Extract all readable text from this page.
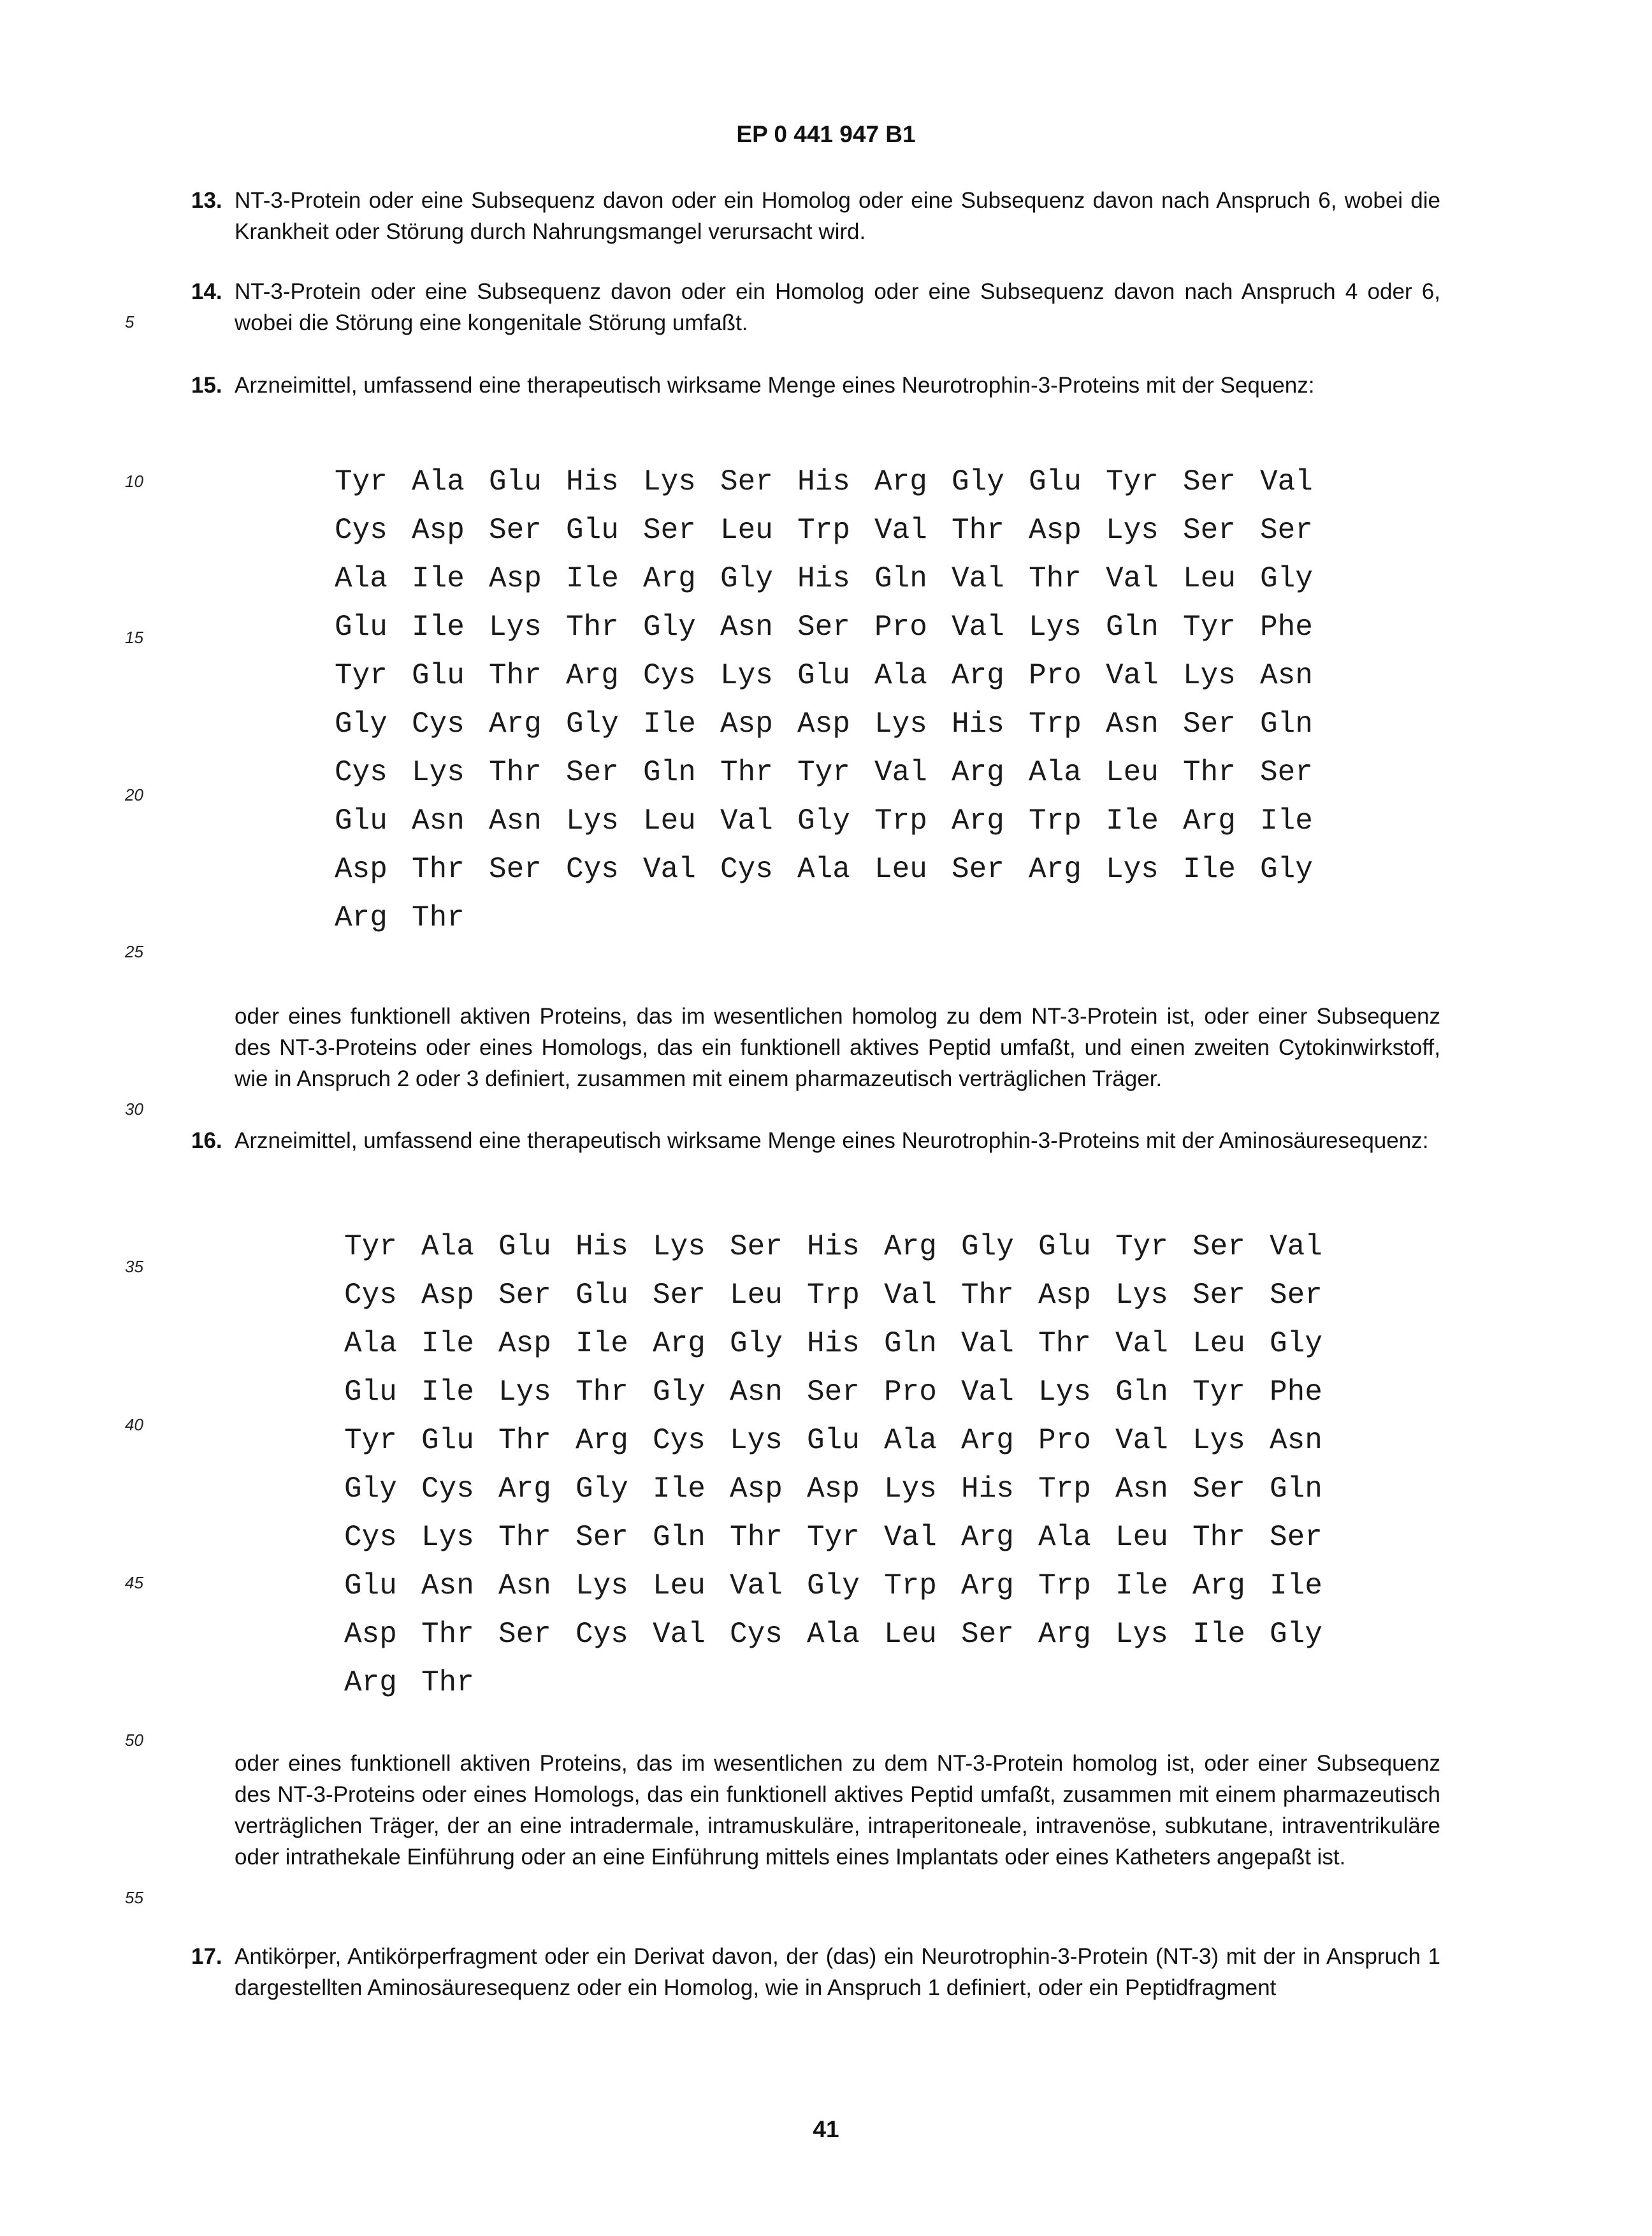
EP 0 441 947 B1
5
10
15
20
25
30
35
40
45
50
55
13. NT-3-Protein oder eine Subsequenz davon oder ein Homolog oder eine Subsequenz davon nach Anspruch 6, wobei die Krankheit oder Störung durch Nahrungsmangel verursacht wird.
14. NT-3-Protein oder eine Subsequenz davon oder ein Homolog oder eine Subsequenz davon nach Anspruch 4 oder 6, wobei die Störung eine kongenitale Störung umfaßt.
15. Arzneimittel, umfassend eine therapeutisch wirksame Menge eines Neurotrophin-3-Proteins mit der Sequenz:
Tyr Ala Glu His Lys Ser His Arg Gly Glu Tyr Ser Val
Cys Asp Ser Glu Ser Leu Trp Val Thr Asp Lys Ser Ser
Ala Ile Asp Ile Arg Gly His Gln Val Thr Val Leu Gly
Glu Ile Lys Thr Gly Asn Ser Pro Val Lys Gln Tyr Phe
Tyr Glu Thr Arg Cys Lys Glu Ala Arg Pro Val Lys Asn
Gly Cys Arg Gly Ile Asp Asp Lys His Trp Asn Ser Gln
Cys Lys Thr Ser Gln Thr Tyr Val Arg Ala Leu Thr Ser
Glu Asn Asn Lys Leu Val Gly Trp Arg Trp Ile Arg Ile
Asp Thr Ser Cys Val Cys Ala Leu Ser Arg Lys Ile Gly
Arg Thr
oder eines funktionell aktiven Proteins, das im wesentlichen homolog zu dem NT-3-Protein ist, oder einer Subsequenz des NT-3-Proteins oder eines Homologs, das ein funktionell aktives Peptid umfaßt, und einen zweiten Cytokinwirkstoff, wie in Anspruch 2 oder 3 definiert, zusammen mit einem pharmazeutisch verträglichen Träger.
16. Arzneimittel, umfassend eine therapeutisch wirksame Menge eines Neurotrophin-3-Proteins mit der Aminosäuresequenz:
Tyr Ala Glu His Lys Ser His Arg Gly Glu Tyr Ser Val
Cys Asp Ser Glu Ser Leu Trp Val Thr Asp Lys Ser Ser
Ala Ile Asp Ile Arg Gly His Gln Val Thr Val Leu Gly
Glu Ile Lys Thr Gly Asn Ser Pro Val Lys Gln Tyr Phe
Tyr Glu Thr Arg Cys Lys Glu Ala Arg Pro Val Lys Asn
Gly Cys Arg Gly Ile Asp Asp Lys His Trp Asn Ser Gln
Cys Lys Thr Ser Gln Thr Tyr Val Arg Ala Leu Thr Ser
Glu Asn Asn Lys Leu Val Gly Trp Arg Trp Ile Arg Ile
Asp Thr Ser Cys Val Cys Ala Leu Ser Arg Lys Ile Gly
Arg Thr
oder eines funktionell aktiven Proteins, das im wesentlichen zu dem NT-3-Protein homolog ist, oder einer Subsequenz des NT-3-Proteins oder eines Homologs, das ein funktionell aktives Peptid umfaßt, zusammen mit einem pharmazeutisch verträglichen Träger, der an eine intradermale, intramuskuläre, intraperitoneale, intravenöse, subkutane, intraventrikuläre oder intrathekale Einführung oder an eine Einführung mittels eines Implantats oder eines Katheters angepaßt ist.
17. Antikörper, Antikörperfragment oder ein Derivat davon, der (das) ein Neurotrophin-3-Protein (NT-3) mit der in Anspruch 1 dargestellten Aminosäuresequenz oder ein Homolog, wie in Anspruch 1 definiert, oder ein Peptidfragment
41
